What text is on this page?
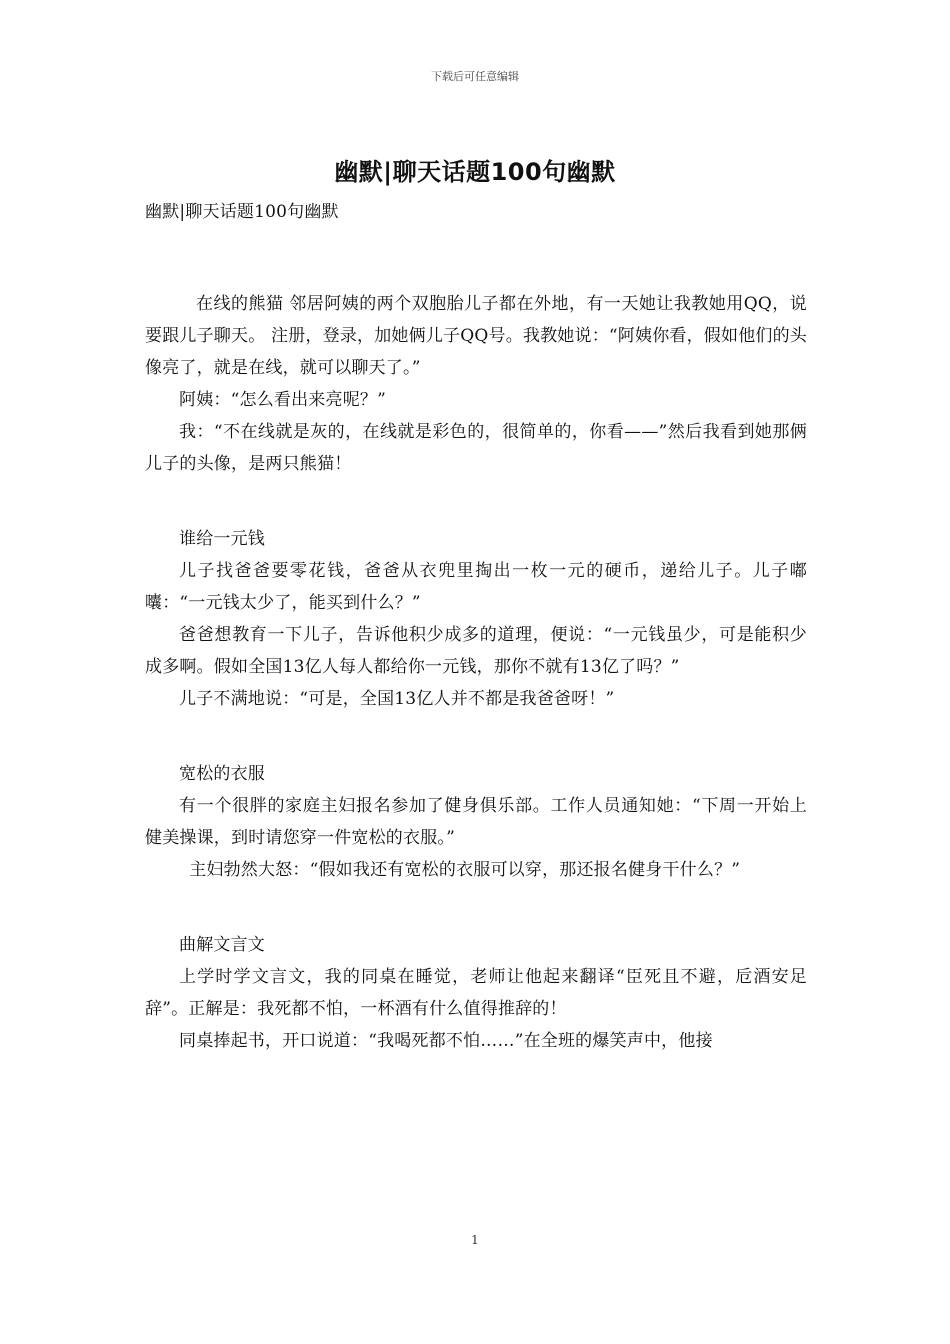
下载后可任意编辑
幽默|聊天话题100句幽默

幽默|聊天话题100句幽默

在线的熊猫 邻居阿姨的两个双胞胎儿子都在外地，有一天她让我教她用QQ，说要跟儿子聊天。 注册，登录，加她俩儿子QQ号。我教她说：“阿姨你看，假如他们的头像亮了，就是在线，就可以聊天了。”

阿姨：“怎么看出来亮呢？”

我：“不在线就是灰的，在线就是彩色的，很简单的，你看——”然后我看到她那俩儿子的头像，是两只熊猫！

谁给一元钱

儿子找爸爸要零花钱，爸爸从衣兜里掏出一枚一元的硬币，递给儿子。儿子嘟囔：“一元钱太少了，能买到什么？”

爸爸想教育一下儿子，告诉他积少成多的道理，便说：“一元钱虽少，可是能积少成多啊。假如全国13亿人每人都给你一元钱，那你不就有13亿了吗？”

儿子不满地说：“可是，全国13亿人并不都是我爸爸呀！”

宽松的衣服

有一个很胖的家庭主妇报名参加了健身俱乐部。工作人员通知她：“下周一开始上健美操课，到时请您穿一件宽松的衣服。”

主妇勃然大怒：“假如我还有宽松的衣服可以穿，那还报名健身干什么？”

曲解文言文

上学时学文言文，我的同桌在睡觉，老师让他起来翻译“臣死且不避，卮酒安足辞”。正解是：我死都不怕，一杯酒有什么值得推辞的！

同桌捧起书，开口说道：“我喝死都不怕……”在全班的爆笑声中，他接

1
